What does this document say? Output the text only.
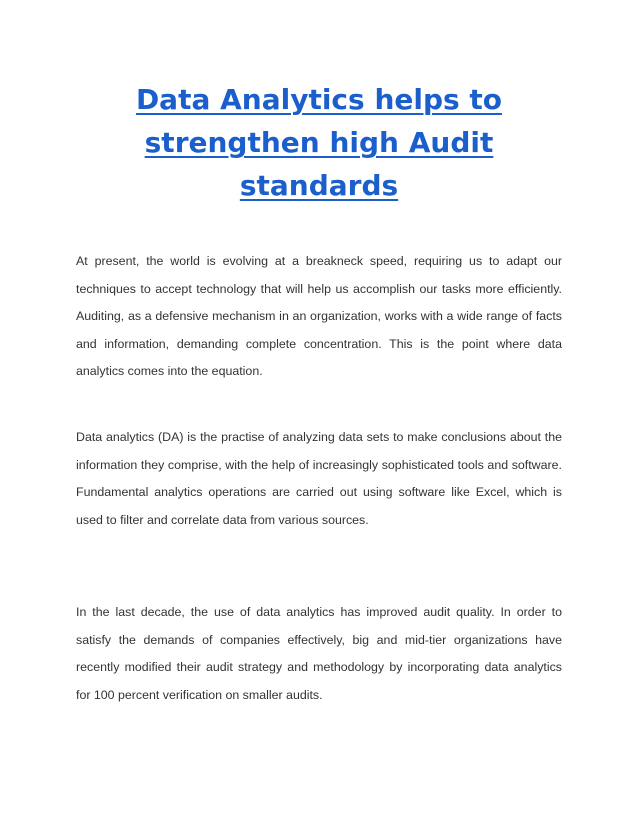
Data Analytics helps to strengthen high Audit standards

At present, the world is evolving at a breakneck speed, requiring us to adapt our techniques to accept technology that will help us accomplish our tasks more efficiently. Auditing, as a defensive mechanism in an organization, works with a wide range of facts and information, demanding complete concentration. This is the point where data analytics comes into the equation.

Data analytics (DA) is the practise of analyzing data sets to make conclusions about the information they comprise, with the help of increasingly sophisticated tools and software. Fundamental analytics operations are carried out using software like Excel, which is used to filter and correlate data from various sources.

In the last decade, the use of data analytics has improved audit quality. In order to satisfy the demands of companies effectively, big and mid-tier organizations have recently modified their audit strategy and methodology by incorporating data analytics for 100 percent verification on smaller audits.
